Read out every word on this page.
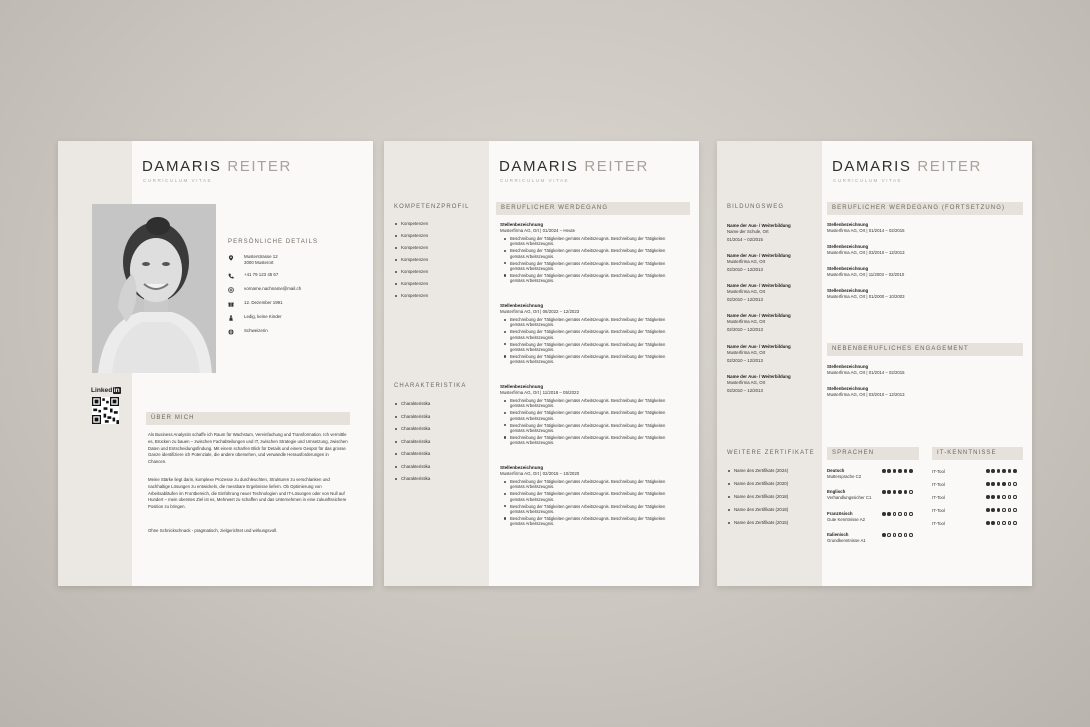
DAMARIS REITER
CURRICULUM VITAE
PERSÖNLICHE DETAILS
Musterstrasse 12
3000 Musterort
+41 79 123 45 67
vorname.nachname@mail.ch
12. Dezember 1991
Ledig, keine Kinder
Schweizerin
Linked in
ÜBER MICH
Als Business Analystin schaffe ich Raum für Wachstum, Vereinfachung und Transformation. Ich vermittle es, Brücken zu bauen – zwischen Fachabteilungen und IT, zwischen Strategie und Umsetzung, zwischen Daten und Entscheidungsfindung. Mit einem scharfen Blick für Details und einem Gespür für das grosse Ganze identifiziere ich Potenziale, die andere übersehen, und verwandle Herausforderungen in Chancen.
Meine Stärke liegt darin, komplexe Prozesse zu durchleuchten, Strukturen zu verschlanken und nachhaltige Lösungen zu entwickeln, die messbare Ergebnisse liefern. Ob Optimierung von Arbeitsabläufen im Frontbereich, die Einführung neuer Technologien und IT-Lösungen oder von Null auf Hundert – mein oberstes Ziel ist es, Mehrwert zu schaffen und das Unternehmen in eine zukunftssichere Position zu bringen.
Ohne Schnickschnack - pragmatisch, zielgerichtet und wirkungsvoll.
DAMARIS REITER
CURRICULUM VITAE
KOMPETENZPROFIL
Kompetenzen
Kompetenzen
Kompetenzen
Kompetenzen
Kompetenzen
Kompetenzen
Kompetenzen
CHARAKTERISTIKA
Charakteristika
Charakteristika
Charakteristika
Charakteristika
Charakteristika
Charakteristika
Charakteristika
BERUFLICHER WERDEGANG
Stellenbezeichnung
Musterfirma AG, Ort | 01/2024 – Heute
Beschreibung der Tätigkeiten gemäss Arbeitszeugnis. Beschreibung der Tätigkeiten gemäss Arbeitszeugnis.
Beschreibung der Tätigkeiten gemäss Arbeitszeugnis. Beschreibung der Tätigkeiten gemäss Arbeitszeugnis.
Beschreibung der Tätigkeiten gemäss Arbeitszeugnis. Beschreibung der Tätigkeiten gemäss Arbeitszeugnis.
Beschreibung der Tätigkeiten gemäss Arbeitszeugnis. Beschreibung der Tätigkeiten gemäss Arbeitszeugnis.
Stellenbezeichnung
Musterfirma AG, Ort | 06/2022 – 12/2023
Beschreibung der Tätigkeiten gemäss Arbeitszeugnis. Beschreibung der Tätigkeiten gemäss Arbeitszeugnis.
Beschreibung der Tätigkeiten gemäss Arbeitszeugnis. Beschreibung der Tätigkeiten gemäss Arbeitszeugnis.
Beschreibung der Tätigkeiten gemäss Arbeitszeugnis. Beschreibung der Tätigkeiten gemäss Arbeitszeugnis.
Beschreibung der Tätigkeiten gemäss Arbeitszeugnis. Beschreibung der Tätigkeiten gemäss Arbeitszeugnis.
Stellenbezeichnung
Musterfirma AG, Ort | 11/2018 – 05/2022
Beschreibung der Tätigkeiten gemäss Arbeitszeugnis. Beschreibung der Tätigkeiten gemäss Arbeitszeugnis.
Beschreibung der Tätigkeiten gemäss Arbeitszeugnis. Beschreibung der Tätigkeiten gemäss Arbeitszeugnis.
Beschreibung der Tätigkeiten gemäss Arbeitszeugnis. Beschreibung der Tätigkeiten gemäss Arbeitszeugnis.
Beschreibung der Tätigkeiten gemäss Arbeitszeugnis. Beschreibung der Tätigkeiten gemäss Arbeitszeugnis.
Stellenbezeichnung
Musterfirma AG, Ort | 02/2015 – 10/2020
Beschreibung der Tätigkeiten gemäss Arbeitszeugnis. Beschreibung der Tätigkeiten gemäss Arbeitszeugnis.
Beschreibung der Tätigkeiten gemäss Arbeitszeugnis. Beschreibung der Tätigkeiten gemäss Arbeitszeugnis.
Beschreibung der Tätigkeiten gemäss Arbeitszeugnis. Beschreibung der Tätigkeiten gemäss Arbeitszeugnis.
Beschreibung der Tätigkeiten gemäss Arbeitszeugnis. Beschreibung der Tätigkeiten gemäss Arbeitszeugnis.
DAMARIS REITER
CURRICULUM VITAE
BILDUNGSWEG
Name der Aus- / Weiterbildung
Name der Schule, Ort
01/2014 – 02/2015
Name der Aus- / Weiterbildung
Musterfirma AG, Ort
02/2010 – 12/2013
Name der Aus- / Weiterbildung
Musterfirma AG, Ort
02/2010 – 12/2013
Name der Aus- / Weiterbildung
Musterfirma AG, Ort
02/2010 – 12/2013
Name der Aus- / Weiterbildung
Musterfirma AG, Ort
02/2010 – 12/2013
Name der Aus- / Weiterbildung
Musterfirma AG, Ort
02/2010 – 12/2013
WEITERE ZERTIFIKATE
Name des Zertifikats (2024)
Name des Zertifikats (2020)
Name des Zertifikats (2018)
Name des Zertifikats (2018)
Name des Zertifikats (2015)
BERUFLICHER WERDEGANG (FORTSETZUNG)
Stellenbezeichnung
Musterfirma AG, Ort | 01/2014 – 02/2015
Stellenbezeichnung
Musterfirma AG, Ort | 03/2010 – 12/2013
Stellenbezeichnung
Musterfirma AG, Ort | 11/2003 – 02/2010
Stellenbezeichnung
Musterfirma AG, Ort | 01/2000 – 10/2003
NEBENBERUFLICHES ENGAGEMENT
Stellenbezeichnung
Musterfirma AG, Ort | 01/2014 – 02/2015
Stellenbezeichnung
Musterfirma AG, Ort | 03/2010 – 12/2013
SPRACHEN	IT-KENNTNISSE
Deutsch
Muttersprache C2
Englisch
Verhandlungssicher C1
Französisch
Gute Kenntnisse A2
Italienisch
Grundkenntnisse A1
IT-Tool
IT-Tool
IT-Tool
IT-Tool
IT-Tool
